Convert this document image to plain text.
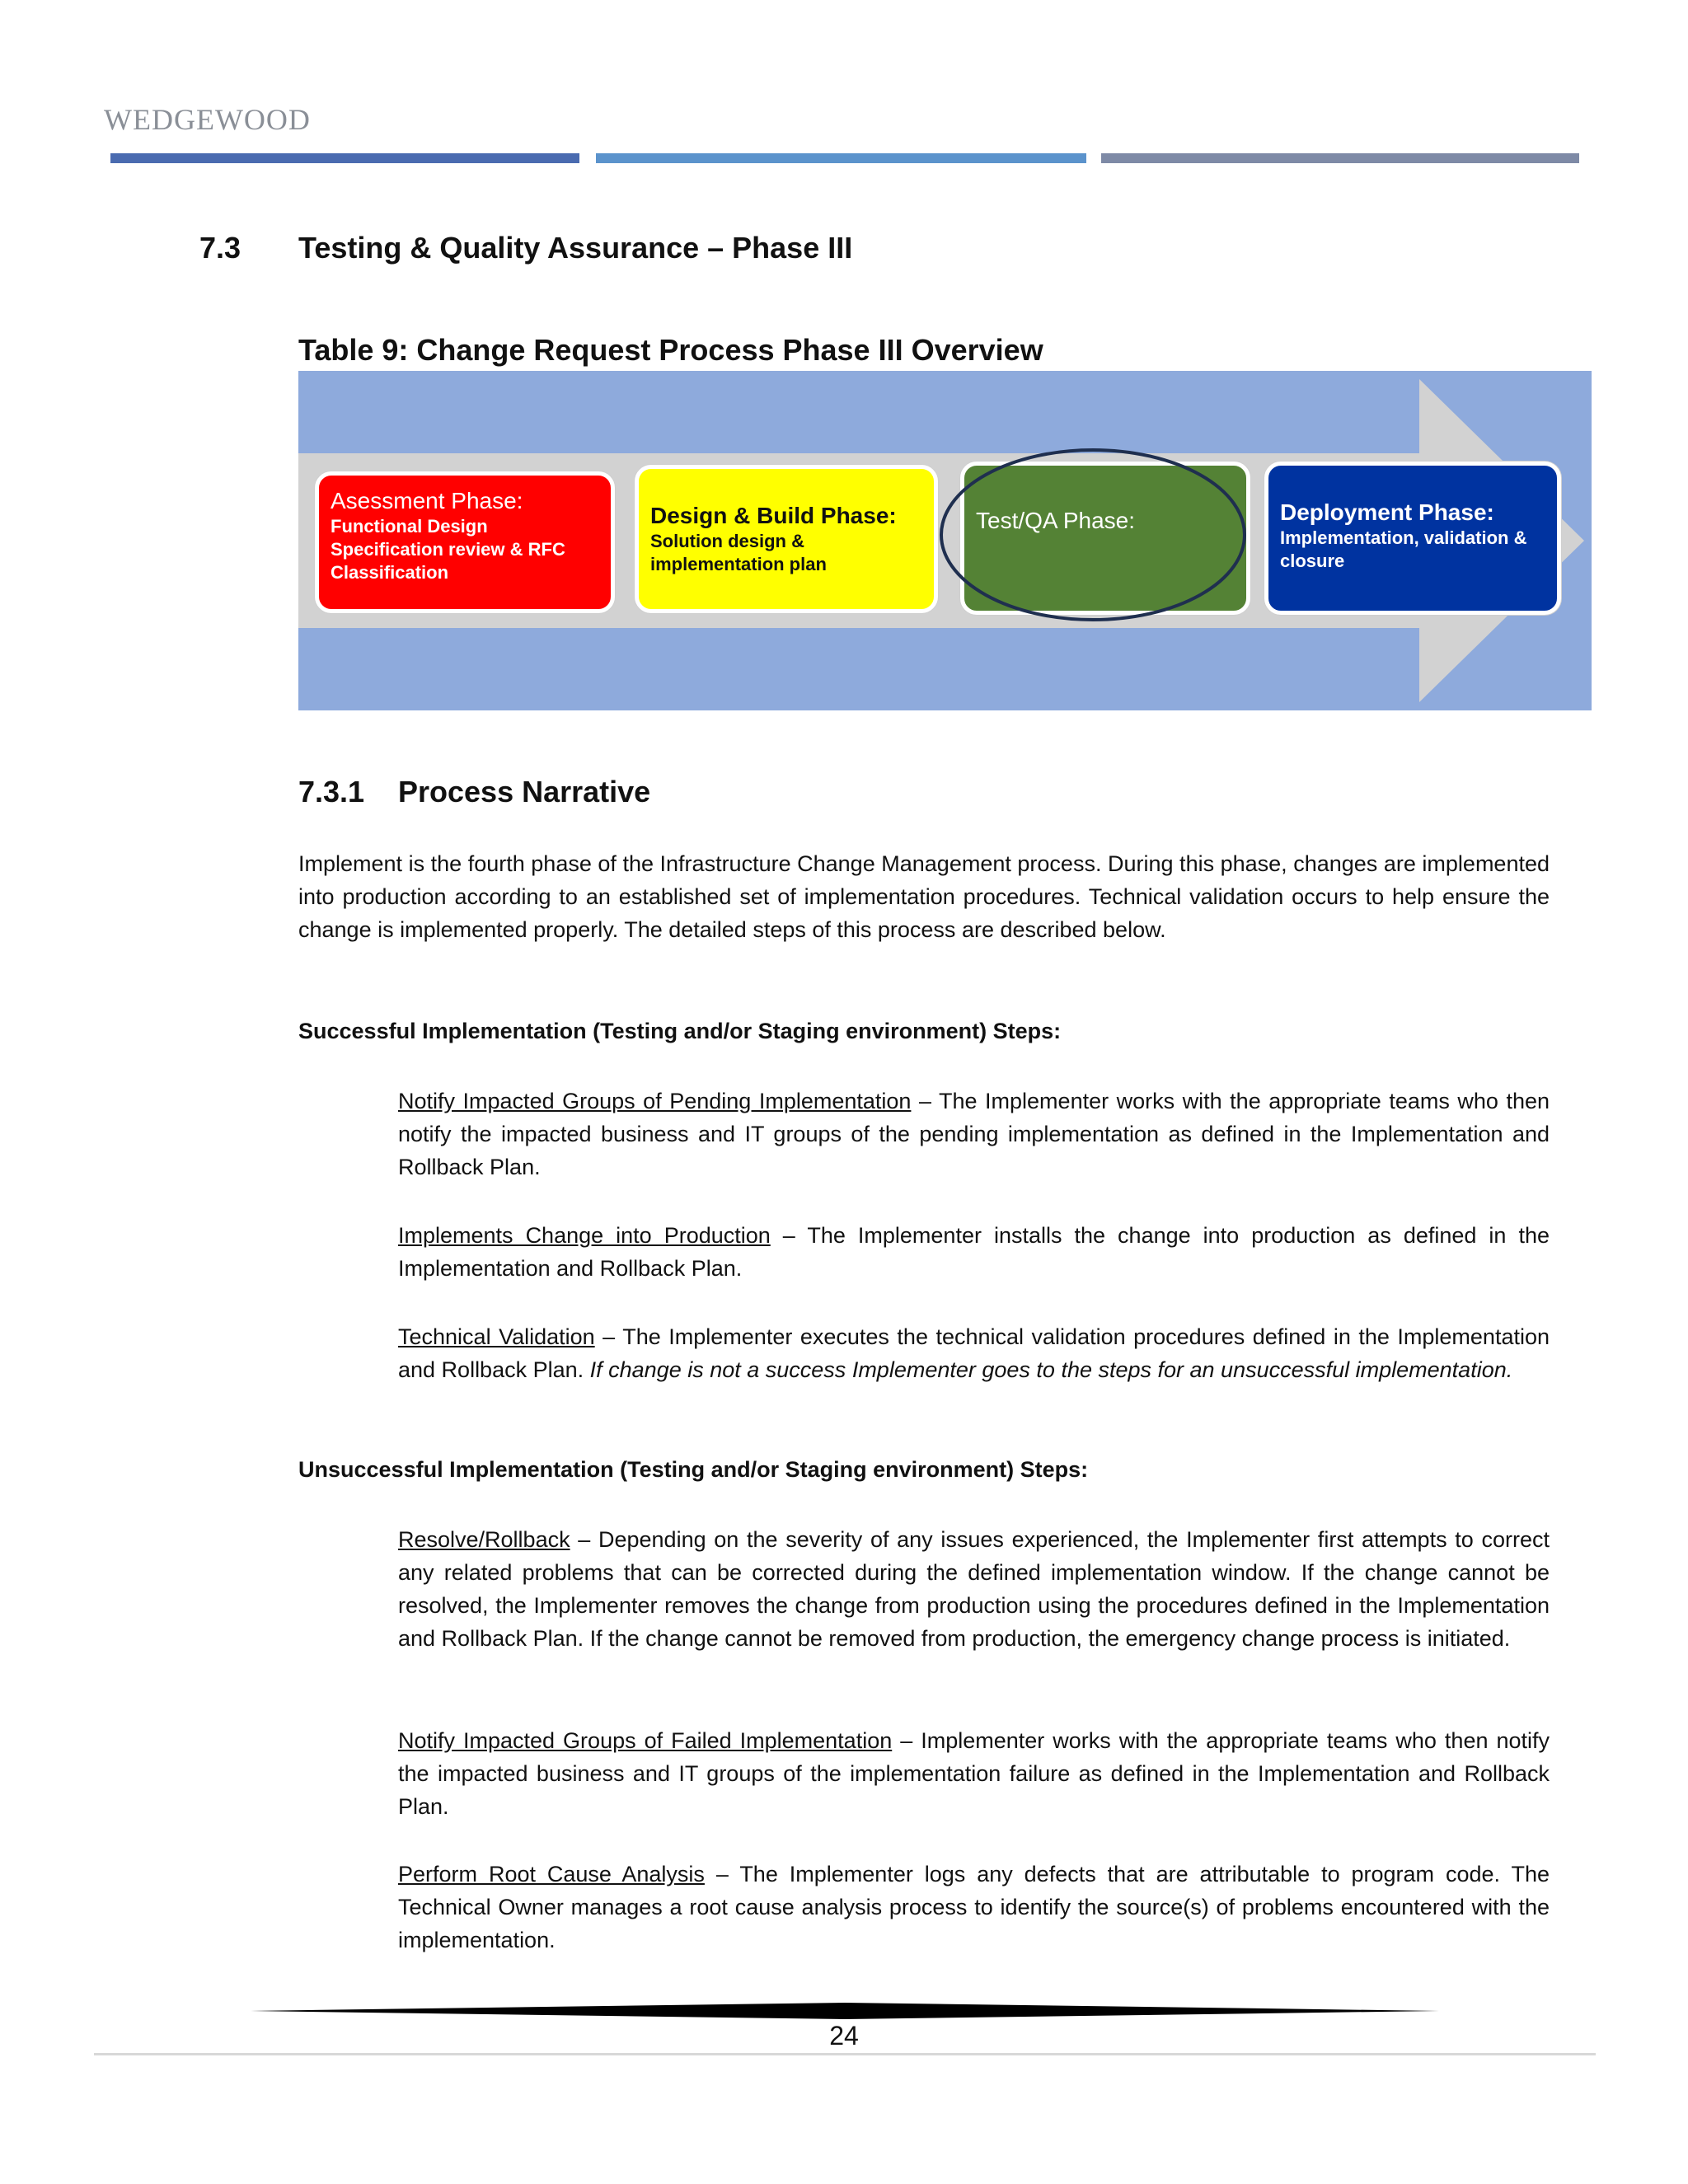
WEDGEWOOD
7.3 Testing & Quality Assurance – Phase III
Table 9: Change Request Process Phase III Overview
Asessment Phase:
Functional Design Specification review & RFC Classification
Design & Build Phase:
Solution design & implementation plan
Test/QA Phase:	Deployment Phase:
Implementation, validation & closure
7.3.1 Process Narrative
Implement is the fourth phase of the Infrastructure Change Management process. During this phase, changes are implemented into production according to an established set of implementation procedures. Technical validation occurs to help ensure the change is implemented properly. The detailed steps of this process are described below.
Successful Implementation (Testing and/or Staging environment) Steps:
Notify Impacted Groups of Pending Implementation – The Implementer works with the appropriate teams who then notify the impacted business and IT groups of the pending implementation as defined in the Implementation and Rollback Plan.
Implements Change into Production – The Implementer installs the change into production as defined in the Implementation and Rollback Plan.
Technical Validation – The Implementer executes the technical validation procedures defined in the Implementation and Rollback Plan. If change is not a success Implementer goes to the steps for an unsuccessful implementation.
Unsuccessful Implementation (Testing and/or Staging environment) Steps:
Resolve/Rollback – Depending on the severity of any issues experienced, the Implementer first attempts to correct any related problems that can be corrected during the defined implementation window. If the change cannot be resolved, the Implementer removes the change from production using the procedures defined in the Implementation and Rollback Plan. If the change cannot be removed from production, the emergency change process is initiated.
Notify Impacted Groups of Failed Implementation – Implementer works with the appropriate teams who then notify the impacted business and IT groups of the implementation failure as defined in the Implementation and Rollback Plan.
Perform Root Cause Analysis – The Implementer logs any defects that are attributable to program code. The Technical Owner manages a root cause analysis process to identify the source(s) of problems encountered with the implementation.
24
